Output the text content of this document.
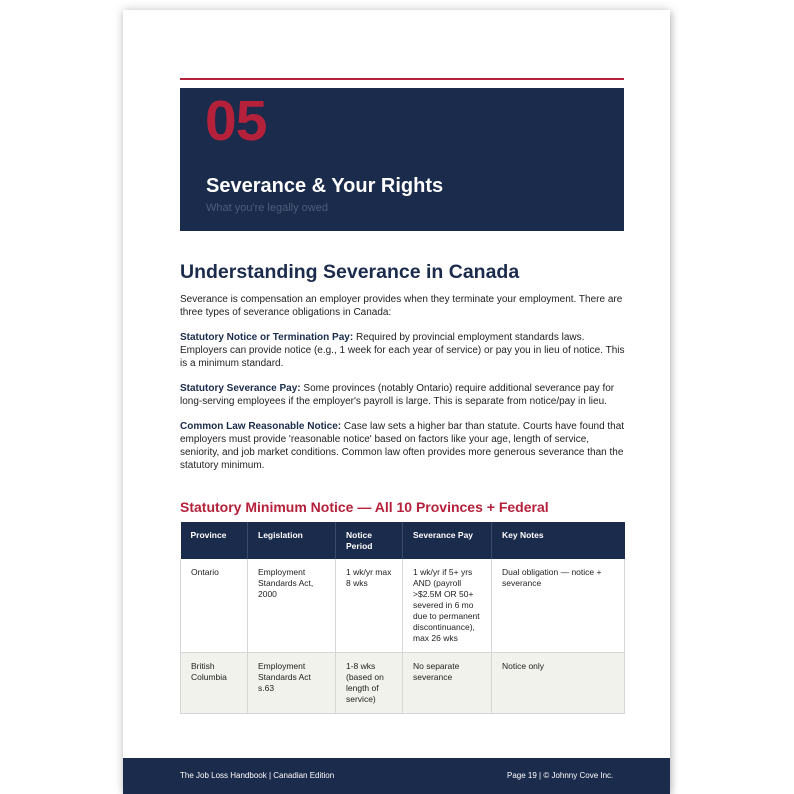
05
Severance & Your Rights
What you're legally owed
Understanding Severance in Canada

Severance is compensation an employer provides when they terminate your employment. There are three types of severance obligations in Canada:

Statutory Notice or Termination Pay: Required by provincial employment standards laws. Employers can provide notice (e.g., 1 week for each year of service) or pay you in lieu of notice. This is a minimum standard.

Statutory Severance Pay: Some provinces (notably Ontario) require additional severance pay for long-serving employees if the employer's payroll is large. This is separate from notice/pay in lieu.

Common Law Reasonable Notice: Case law sets a higher bar than statute. Courts have found that employers must provide 'reasonable notice' based on factors like your age, length of service, seniority, and job market conditions. Common law often provides more generous severance than the statutory minimum.

Statutory Minimum Notice — All 10 Provinces + Federal
Province	Legislation	Notice Period	Severance Pay	Key Notes
Ontario	Employment Standards Act, 2000	1 wk/yr max 8 wks	1 wk/yr if 5+ yrs AND (payroll >$2.5M OR 50+ severed in 6 mo due to permanent discontinuance), max 26 wks	Dual obligation — notice + severance
British Columbia	Employment Standards Act s.63	1-8 wks (based on length of service)	No separate severance	Notice only
The Job Loss Handbook | Canadian Edition	Page 19 | © Johnny Cove Inc.
